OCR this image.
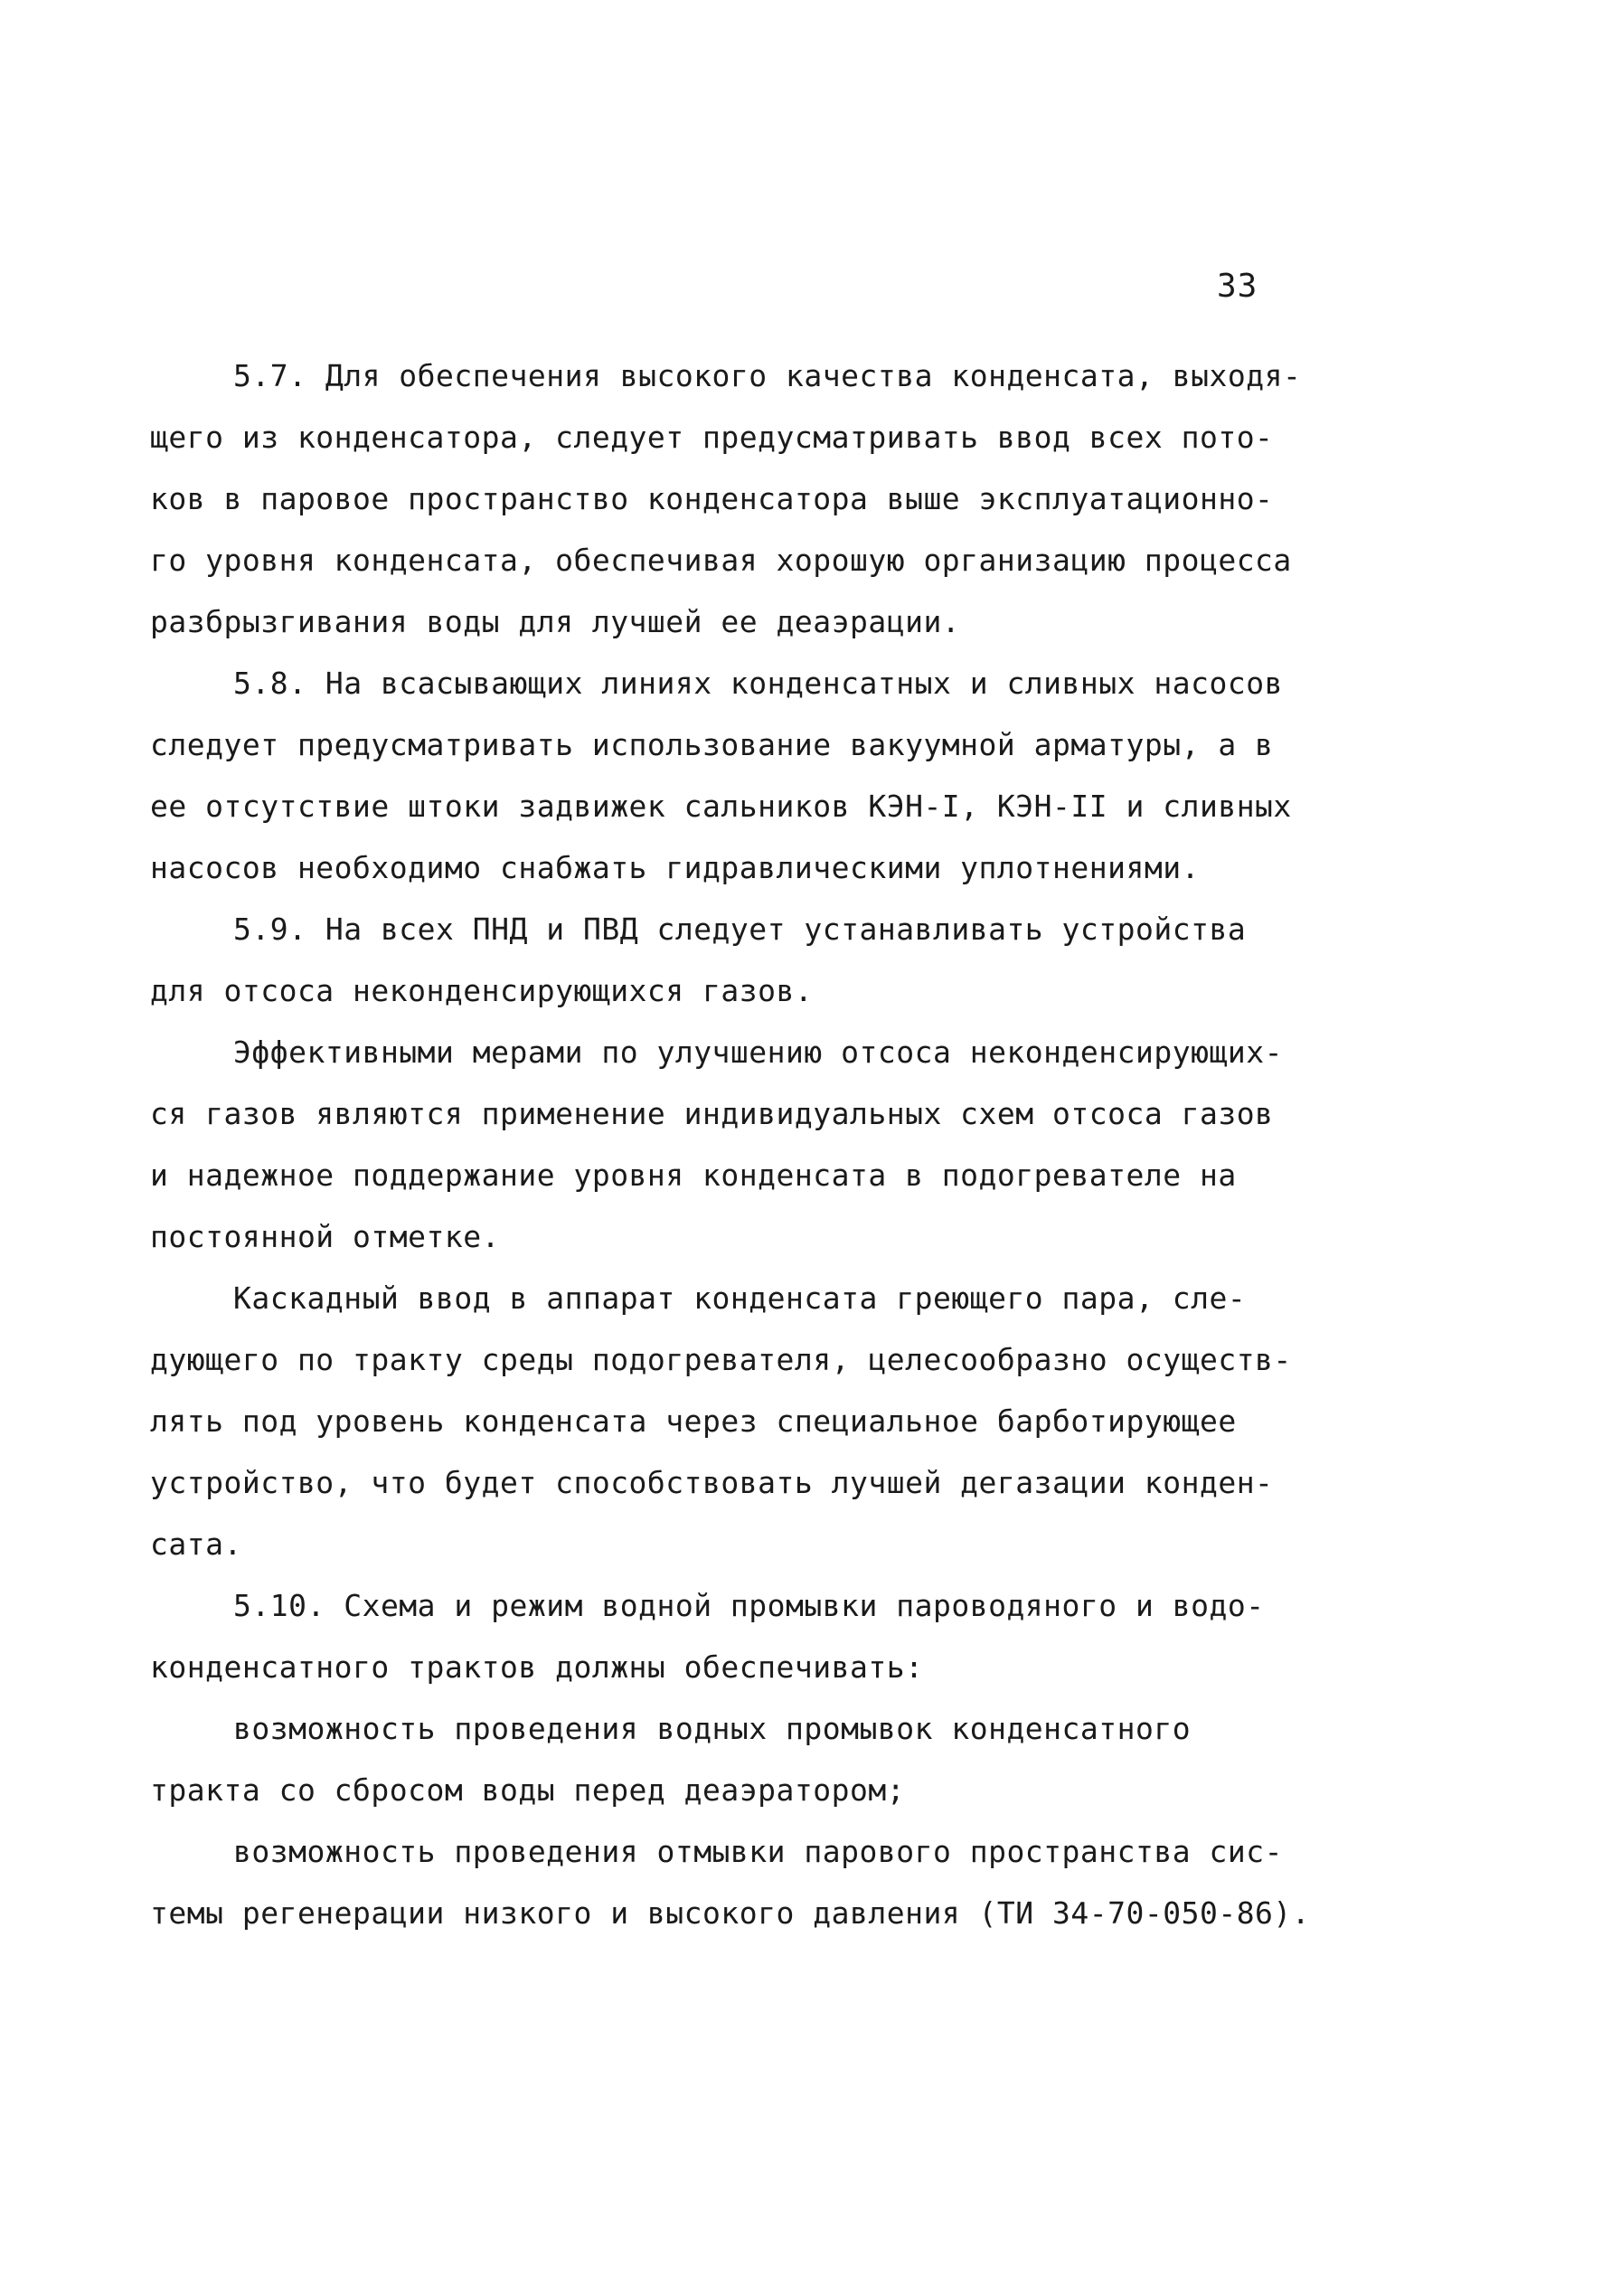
33
5.7. Для обеспечения высокого качества конденсата, выходя-
щего из конденсатора, следует предусматривать ввод всех пото-
ков в паровое пространство конденсатора выше эксплуатационно-
го уровня конденсата, обеспечивая хорошую организацию процесса
разбрызгивания воды для лучшей ее деаэрации.
5.8. На всасывающих линиях конденсатных и сливных насосов
следует предусматривать использование вакуумной арматуры, а в
ее отсутствие штоки задвижек сальников КЭН-I, КЭН-II и сливных
насосов необходимо снабжать гидравлическими уплотнениями.
5.9. На всех ПНД и ПВД следует устанавливать устройства
для отсоса неконденсирующихся газов.
Эффективными мерами по улучшению отсоса неконденсирующих-
ся газов являются применение индивидуальных схем отсоса газов
и надежное поддержание уровня конденсата в подогревателе на
постоянной отметке.
Каскадный ввод в аппарат конденсата греющего пара, сле-
дующего по тракту среды подогревателя, целесообразно осуществ-
лять под уровень конденсата через специальное барботирующее
устройство, что будет способствовать лучшей дегазации конден-
сата.
5.10. Схема и режим водной промывки пароводяного и водо-
конденсатного трактов должны обеспечивать:
возможность проведения водных промывок конденсатного
тракта со сбросом воды перед деаэратором;
возможность проведения отмывки парового пространства сис-
темы регенерации низкого и высокого давления (ТИ 34-70-050-86).
